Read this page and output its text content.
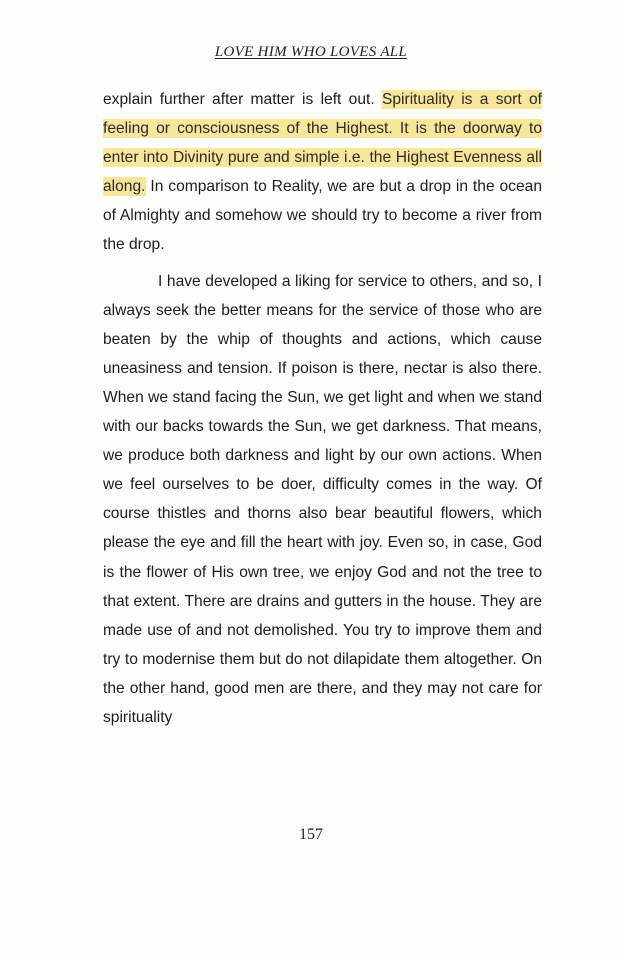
LOVE HIM WHO LOVES ALL

explain further after matter is left out. Spirituality is a sort of feeling or consciousness of the Highest. It is the doorway to enter into Divinity pure and simple i.e. the Highest Evenness all along. In comparison to Reality, we are but a drop in the ocean of Almighty and somehow we should try to become a river from the drop.

I have developed a liking for service to others, and so, I always seek the better means for the service of those who are beaten by the whip of thoughts and actions, which cause uneasiness and tension. If poison is there, nectar is also there. When we stand facing the Sun, we get light and when we stand with our backs towards the Sun, we get darkness. That means, we produce both darkness and light by our own actions. When we feel ourselves to be doer, difficulty comes in the way. Of course thistles and thorns also bear beautiful flowers, which please the eye and fill the heart with joy. Even so, in case, God is the flower of His own tree, we enjoy God and not the tree to that extent. There are drains and gutters in the house. They are made use of and not demolished. You try to improve them and try to modernise them but do not dilapidate them altogether. On the other hand, good men are there, and they may not care for spirituality

157
